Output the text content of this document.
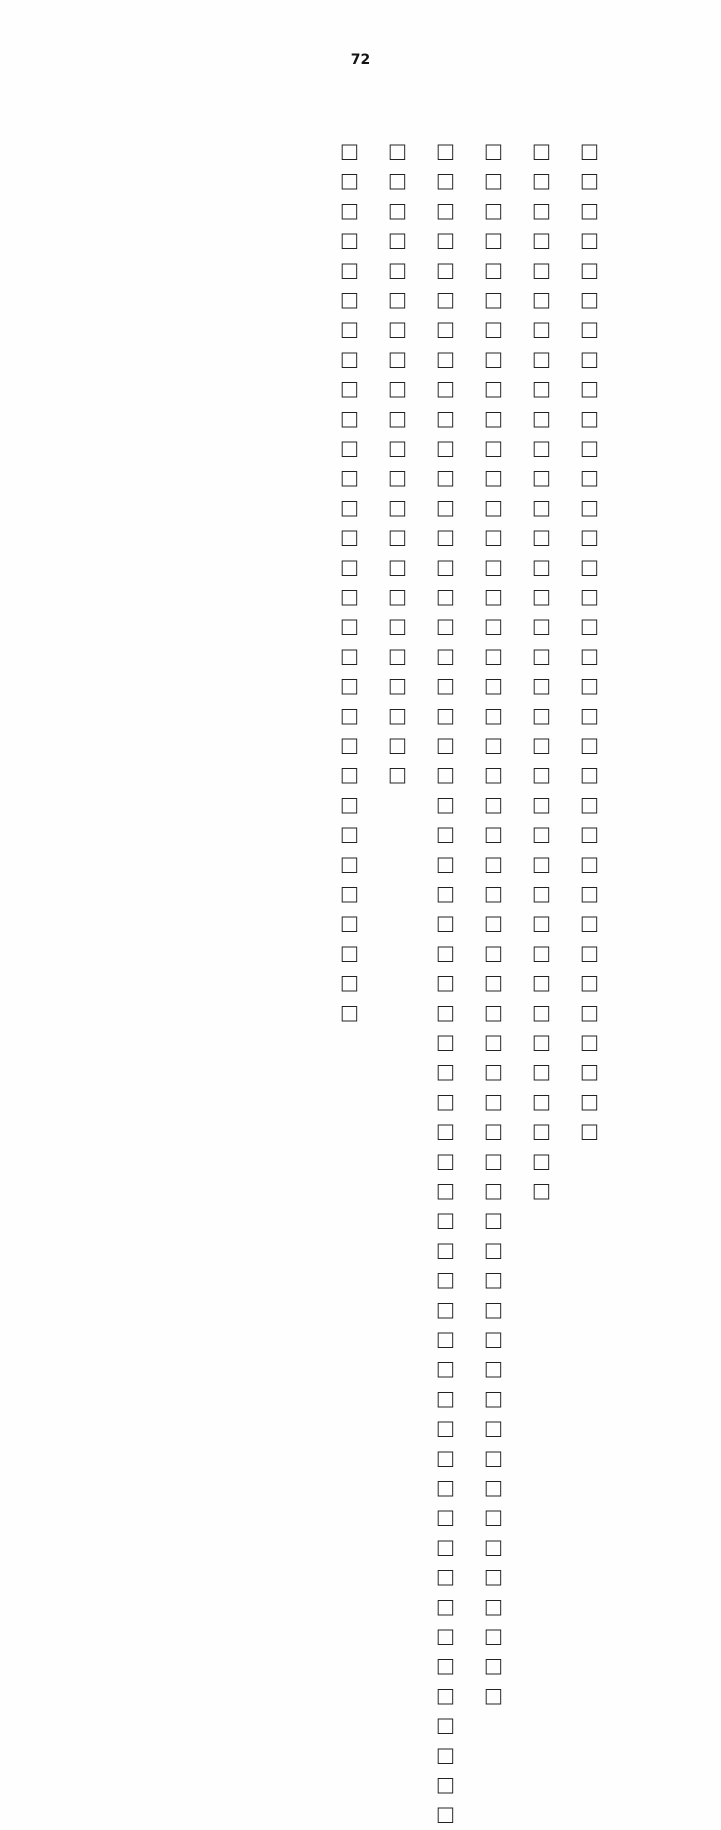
72

□□□□□□□□□□□□□□□□□□□□□□□□□□□□□□□□□□

□□□□□□□□□□□□□□□□□□□□□□□□□□□□□□□□□□□□

□□□□□□□□□□□□□□□□□□□□□□□□□□□□□□□□□□□□□□□□□□□□□□□□□□□□□

□□□□□□□□□□□□□□□□□□□□□□□□□□□□□□□□□□□□□□□□□□□□□□□□□□□□□□□□□

□□□□□□□□□□□□□□□□□□□□□□

□□□□□□□□□□□□□□□□□□□□□□□□□□□□□□
